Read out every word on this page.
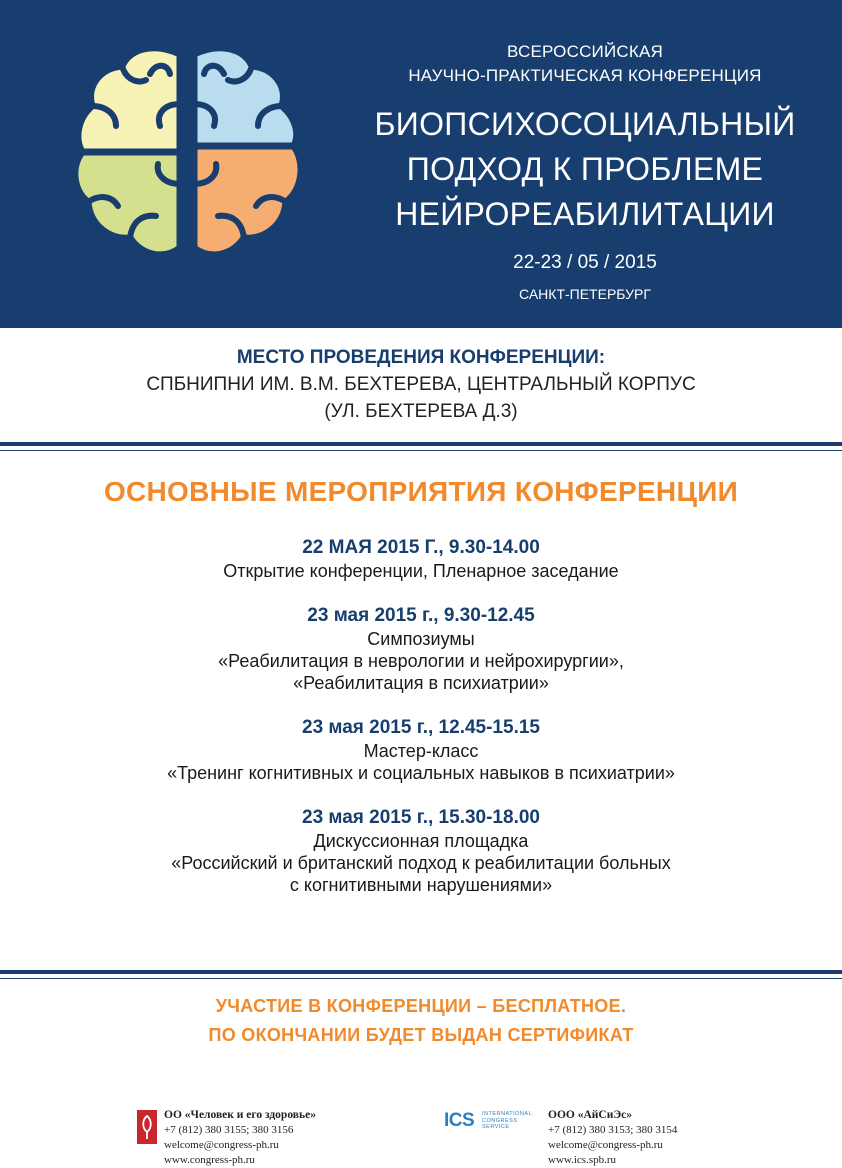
ВСЕРОССИЙСКАЯ
НАУЧНО-ПРАКТИЧЕСКАЯ КОНФЕРЕНЦИЯ
БИОПСИХОСОЦИАЛЬНЫЙ
ПОДХОД К ПРОБЛЕМЕ
НЕЙРОРЕАБИЛИТАЦИИ
22-23 / 05 / 2015
САНКТ-ПЕТЕРБУРГ
МЕСТО ПРОВЕДЕНИЯ КОНФЕРЕНЦИИ:
СПБНИПНИ ИМ. В.М. БЕХТЕРЕВА, ЦЕНТРАЛЬНЫЙ КОРПУС
(УЛ. БЕХТЕРЕВА Д.3)
ОСНОВНЫЕ МЕРОПРИЯТИЯ КОНФЕРЕНЦИИ
22 МАЯ 2015 Г., 9.30-14.00
Открытие конференции, Пленарное заседание
23 мая 2015 г., 9.30-12.45
Симпозиумы
«Реабилитация в неврологии и нейрохирургии»,
«Реабилитация в психиатрии»
23 мая 2015 г., 12.45-15.15
Мастер-класс
«Тренинг когнитивных и социальных навыков в психиатрии»
23 мая 2015 г., 15.30-18.00
Дискуссионная площадка
«Российский и британский подход к реабилитации больных
с когнитивными нарушениями»
УЧАСТИЕ В КОНФЕРЕНЦИИ – БЕСПЛАТНОЕ.
ПО ОКОНЧАНИИ БУДЕТ ВЫДАН СЕРТИФИКАТ
ОО «Человек и его здоровье»
+7 (812) 380 3155; 380 3156
welcome@congress-ph.ru
www.congress-ph.ru
ICS INTERNATIONAL
CONGRESS
SERVICE
ООО «АйСиЭс»
+7 (812) 380 3153; 380 3154
welcome@congress-ph.ru
www.ics.spb.ru
